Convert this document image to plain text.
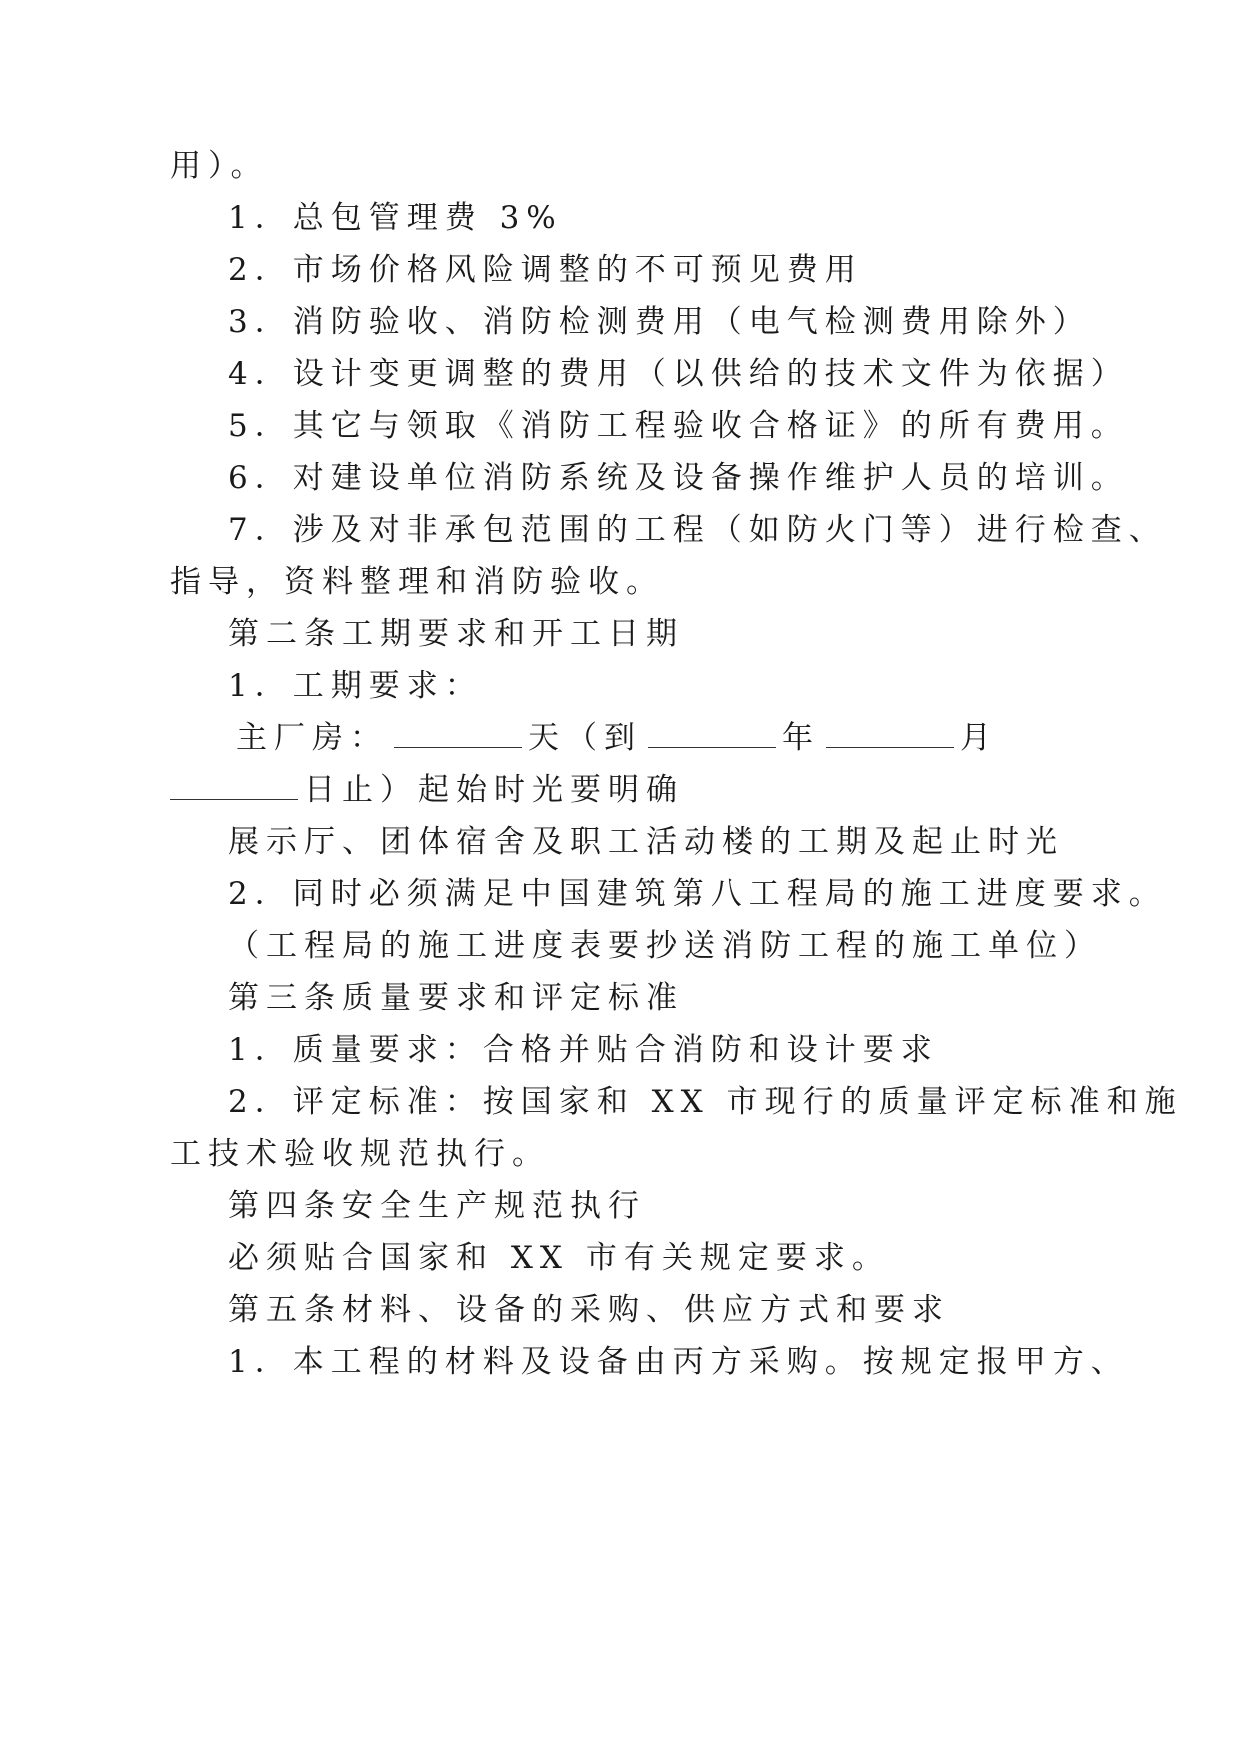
用）。
1．总包管理费 3%
2．市场价格风险调整的不可预见费用
3．消防验收、消防检测费用（电气检测费用除外）
4．设计变更调整的费用（以供给的技术文件为依据）
5．其它与领取《消防工程验收合格证》的所有费用。
6．对建设单位消防系统及设备操作维护人员的培训。
7．涉及对非承包范围的工程（如防火门等）进行检查、
指导，资料整理和消防验收。
第二条工期要求和开工日期
1．工期要求：
主厂房：	天（到	年	月
日止）起始时光要明确
展示厅、团体宿舍及职工活动楼的工期及起止时光
2．同时必须满足中国建筑第八工程局的施工进度要求。
（工程局的施工进度表要抄送消防工程的施工单位）
第三条质量要求和评定标准
1．质量要求：合格并贴合消防和设计要求
2．评定标准：按国家和 XX 市现行的质量评定标准和施
工技术验收规范执行。
第四条安全生产规范执行
必须贴合国家和 XX 市有关规定要求。
第五条材料、设备的采购、供应方式和要求
1．本工程的材料及设备由丙方采购。按规定报甲方、
